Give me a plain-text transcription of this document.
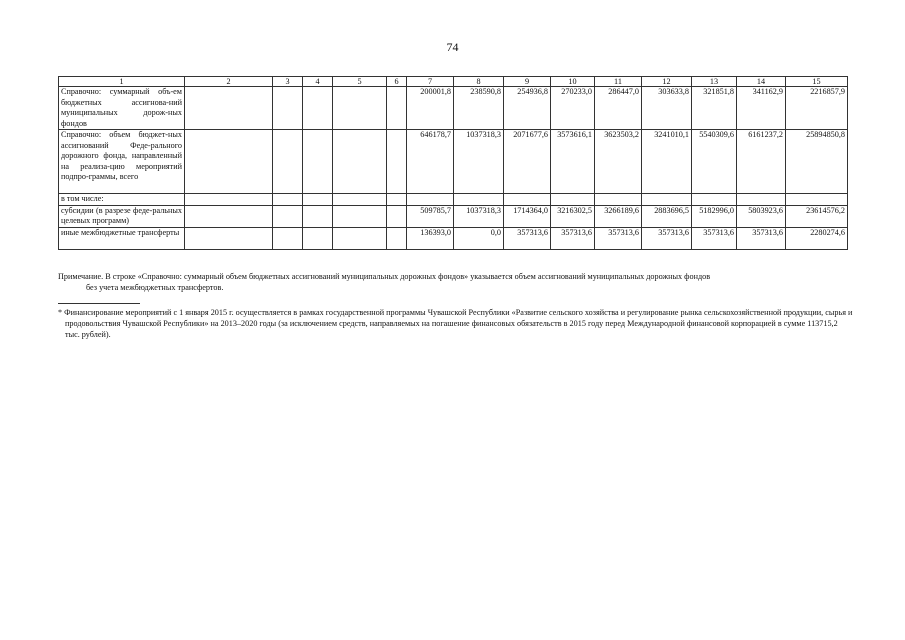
74
1	2	3	4	5	6	7	8	9	10	11	12	13	14	15
Справочно: суммарный объ-ем бюджетных ассигнова-ний муниципальных дорож-ных фондов						200001,8	238590,8	254936,8	270233,0	286447,0	303633,8	321851,8	341162,9	2216857,9
Справочно: объем бюджет-ных ассигнований Феде-рального дорожного фонда, направленный на реализа-цию мероприятий подпро-граммы, всего						646178,7	1037318,3	2071677,6	3573616,1	3623503,2	3241010,1	5540309,6	6161237,2	25894850,8
в том числе:														
субсидии (в разрезе феде-ральных целевых программ)						509785,7	1037318,3	1714364,0	3216302,5	3266189,6	2883696,5	5182996,0	5803923,6	23614576,2
иные межбюджетные трансферты						136393,0	0,0	357313,6	357313,6	357313,6	357313,6	357313,6	357313,6	2280274,6
Примечание. В строке «Справочно: суммарный объем бюджетных ассигнований муниципальных дорожных фондов» указывается объем ассигнований муниципальных дорожных фондов
без учета межбюджетных трансфертов.
* Финансирование мероприятий с 1 января 2015 г. осуществляется в рамках государственной программы Чувашской Республики «Развитие сельского хозяйства и регулирование рынка сельскохозяйственной продукции, сырья и продовольствия Чувашской Республики» на 2013–2020 годы (за исключением средств, направляемых на погашение финансовых обязательств в 2015 году перед Международной финансовой корпорацией в сумме 113715,2 тыс. рублей).
